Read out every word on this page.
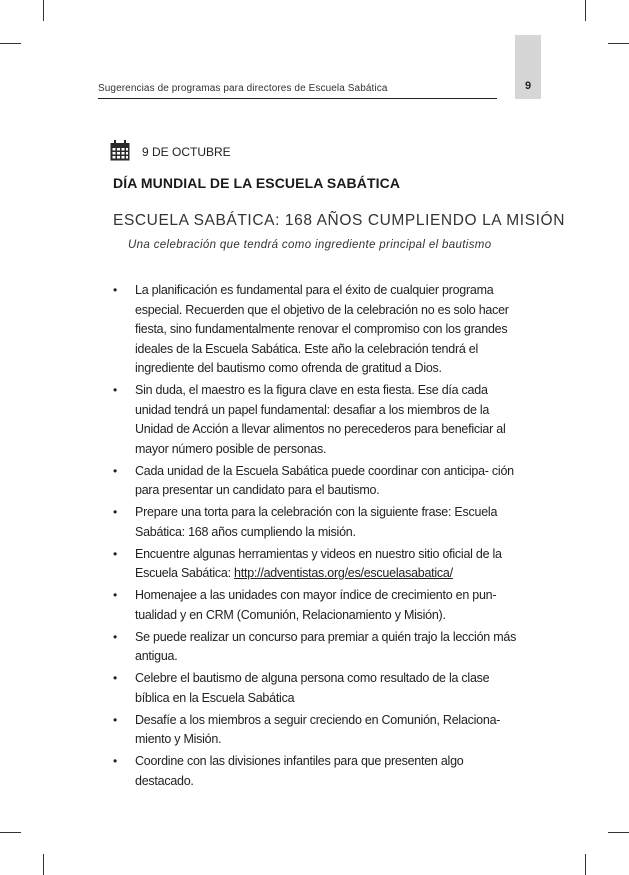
9
Sugerencias de programas para directores de Escuela Sabática
9 DE OCTUBRE
DÍA MUNDIAL DE LA ESCUELA SABÁTICA
ESCUELA SABÁTICA: 168 AÑOS CUMPLIENDO LA MISIÓN
Una celebración que tendrá como ingrediente principal el bautismo
• La planificación es fundamental para el éxito de cualquier programa especial. Recuerden que el objetivo de la celebración no es solo hacer fiesta, sino fundamentalmente renovar el compromiso con los grandes ideales de la Escuela Sabática. Este año la celebración tendrá el ingrediente del bautismo como ofrenda de gratitud a Dios.
• Sin duda, el maestro es la figura clave en esta fiesta. Ese día cada unidad tendrá un papel fundamental: desafiar a los miembros de la Unidad de Acción a llevar alimentos no perecederos para beneficiar al mayor número posible de personas.
• Cada unidad de la Escuela Sabática puede coordinar con anticipa- ción para presentar un candidato para el bautismo.
• Prepare una torta para la celebración con la siguiente frase: Escuela Sabática: 168 años cumpliendo la misión.
• Encuentre algunas herramientas y videos en nuestro sitio oficial de la Escuela Sabática: http://adventistas.org/es/escuelasabatica/
• Homenajee a las unidades con mayor índice de crecimiento en pun- tualidad y en CRM (Comunión, Relacionamiento y Misión).
• Se puede realizar un concurso para premiar a quién trajo la lección más antigua.
• Celebre el bautismo de alguna persona como resultado de la clase bíblica en la Escuela Sabática
• Desafíe a los miembros a seguir creciendo en Comunión, Relaciona- miento y Misión.
• Coordine con las divisiones infantiles para que presenten algo destacado.
